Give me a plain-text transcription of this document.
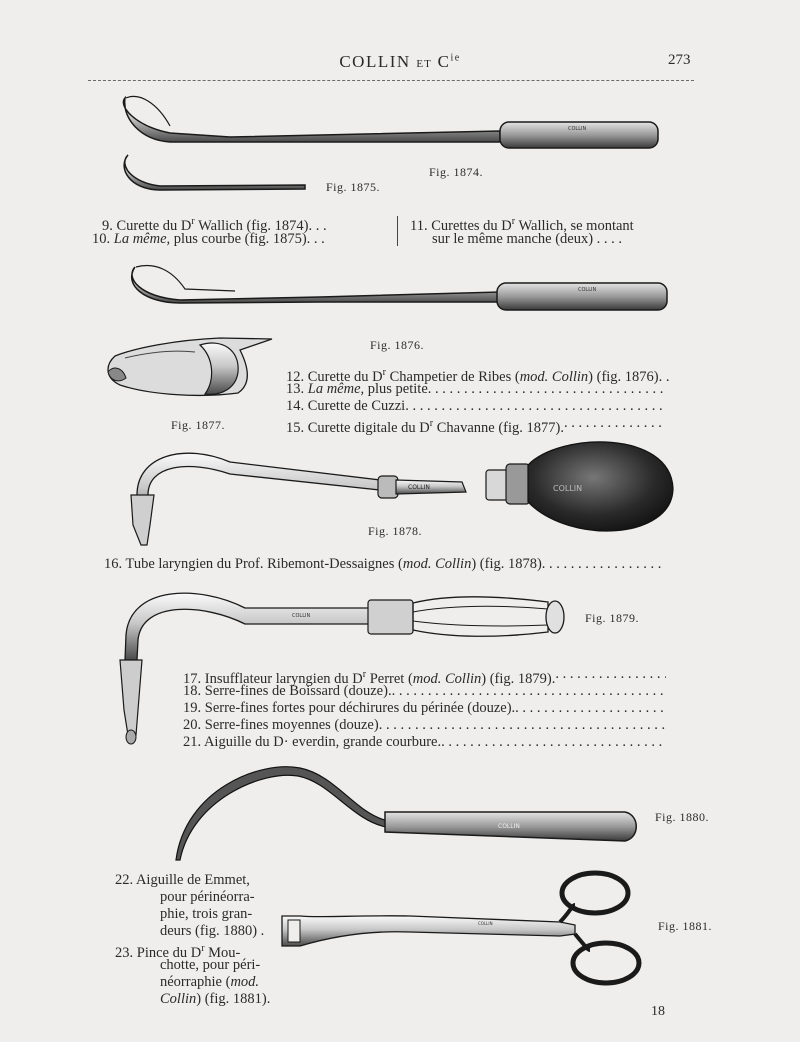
COLLIN ET $C^{ie}$	273
COLLIN
COLLIN
COLLIN	COLLIN
COLLIN
COLLIN
COLLIN
Fig. 1875.
Fig. 1874.
9. Curette du $D^r$ Wallich (fig. 1874). . .
10. La même, plus courbe (fig. 1875). . .
11. Curettes du $D^r$ Wallich, se montant
sur le même manche (deux) . . . .
Fig. 1876.
12. Curette du $D^r$ Champetier de Ribes (mod. Collin) (fig. 1876). .
13. La même, plus petite
. . .
14. Curette de Cuzzi
. . .
15. Curette digitale du $D^r$ Chavanne (fig. 1877).
. . .
Fig. 1877.
Fig. 1878.
16. Tube laryngien du Prof. Ribemont-Dessaignes (mod. Collin) (fig. 1878)
. . .
Fig. 1879.
17. Insufflateur laryngien du $D^r$ Perret (mod. Collin) (fig. 1879).
. . .
18. Serre-fines de Boissard (douze).
. . .
19. Serre-fines fortes pour déchirures du périnée (douze).
. . .
20. Serre-fines moyennes (douze)
. . .
21. Aiguille du D· everdin, grande courbure.
. . .
Fig. 1880.
Fig. 1881.
22. Aiguille de Emmet,
pour périnéorra-
phie, trois gran-
deurs (fig. 1880) .
23. Pince du $D^r$ Mou-
chotte, pour péri-
néorraphie (mod.
Collin) (fig. 1881).
18
